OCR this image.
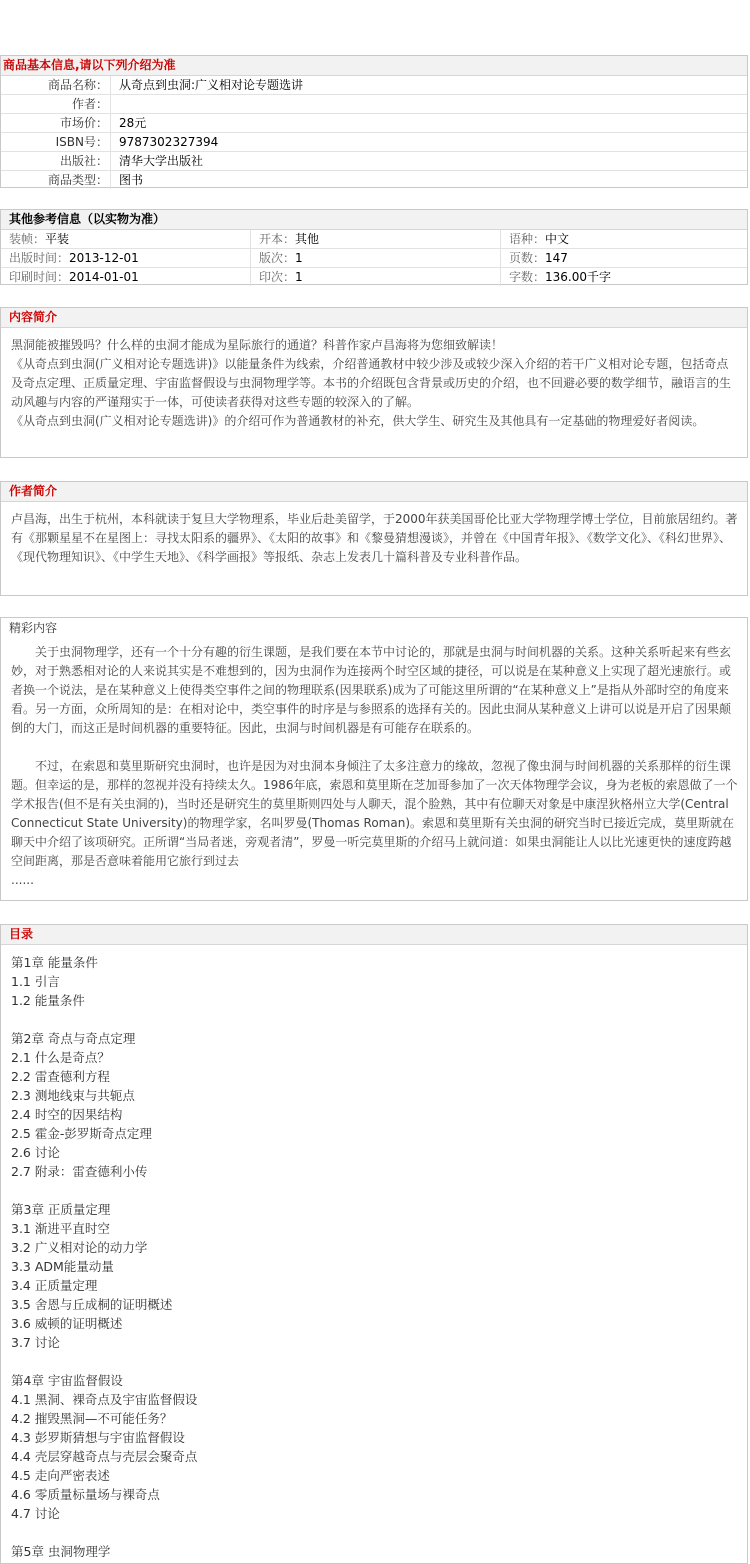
商品基本信息,请以下列介绍为准
商品名称： 从奇点到虫洞:广义相对论专题选讲
作者：
市场价： 28元
ISBN号： 9787302327394
出版社： 清华大学出版社
商品类型： 图书
其他参考信息（以实物为准）
装帧：平装	开本：其他	语种：中文
出版时间：2013-12-01	版次：1	页数：147
印刷时间：2014-01-01	印次：1	字数：136.00千字
内容简介

黑洞能被摧毁吗？什么样的虫洞才能成为星际旅行的通道？科普作家卢昌海将为您细致解读！

《从奇点到虫洞(广义相对论专题选讲)》以能量条件为线索，介绍普通教材中较少涉及或较少深入介绍的若干广义相对论专题，包括奇点及奇点定理、正质量定理、宇宙监督假设与虫洞物理学等。本书的介绍既包含背景或历史的介绍，也不回避必要的数学细节，融语言的生动风趣与内容的严谨翔实于一体，可使读者获得对这些专题的较深入的了解。

《从奇点到虫洞(广义相对论专题选讲)》的介绍可作为普通教材的补充，供大学生、研究生及其他具有一定基础的物理爱好者阅读。

作者简介

卢昌海，出生于杭州，本科就读于复旦大学物理系，毕业后赴美留学，于2000年获美国哥伦比亚大学物理学博士学位，目前旅居纽约。著有《那颗星星不在星图上：寻找太阳系的疆界》、《太阳的故事》和《黎曼猜想漫谈》，并曾在《中国青年报》、《数学文化》、《科幻世界》、《现代物理知识》、《中学生天地》、《科学画报》等报纸、杂志上发表几十篇科普及专业科普作品。

精彩内容

关于虫洞物理学，还有一个十分有趣的衍生课题，是我们要在本节中讨论的，那就是虫洞与时间机器的关系。这种关系听起来有些玄妙，对于熟悉相对论的人来说其实是不难想到的，因为虫洞作为连接两个时空区域的捷径，可以说是在某种意义上实现了超光速旅行。或者换一个说法，是在某种意义上使得类空事件之间的物理联系(因果联系)成为了可能这里所谓的“在某种意义上”是指从外部时空的角度来看。另一方面，众所周知的是：在相对论中，类空事件的时序是与参照系的选择有关的。因此虫洞从某种意义上讲可以说是开启了因果颠倒的大门，而这正是时间机器的重要特征。因此，虫洞与时间机器是有可能存在联系的。

不过，在索恩和莫里斯研究虫洞时，也许是因为对虫洞本身倾注了太多注意力的缘故，忽视了像虫洞与时间机器的关系那样的衍生课题。但幸运的是，那样的忽视并没有持续太久。1986年底，索恩和莫里斯在芝加哥参加了一次天体物理学会议，身为老板的索恩做了一个学术报告(但不是有关虫洞的)，当时还是研究生的莫里斯则四处与人聊天，混个脸熟，其中有位聊天对象是中康涅狄格州立大学(Central Connecticut State University)的物理学家，名叫罗曼(Thomas Roman)。索恩和莫里斯有关虫洞的研究当时已接近完成，莫里斯就在聊天中介绍了该项研究。正所谓“当局者迷，旁观者清”，罗曼一听完莫里斯的介绍马上就问道：如果虫洞能让人以比光速更快的速度跨越空间距离，那是否意味着能用它旅行到过去

......

目录
第1章 能量条件
1.1 引言
1.2 能量条件
第2章 奇点与奇点定理
2.1 什么是奇点？
2.2 雷查德利方程
2.3 测地线束与共轭点
2.4 时空的因果结构
2.5 霍金-彭罗斯奇点定理
2.6 讨论
2.7 附录：雷查德利小传
第3章 正质量定理
3.1 渐进平直时空
3.2 广义相对论的动力学
3.3 ADM能量动量
3.4 正质量定理
3.5 舍恩与丘成桐的证明概述
3.6 威顿的证明概述
3.7 讨论
第4章 宇宙监督假设
4.1 黑洞、裸奇点及宇宙监督假设
4.2 摧毁黑洞—不可能任务？
4.3 彭罗斯猜想与宇宙监督假设
4.4 壳层穿越奇点与壳层会聚奇点
4.5 走向严密表述
4.6 零质量标量场与裸奇点
4.7 讨论
第5章 虫洞物理学
